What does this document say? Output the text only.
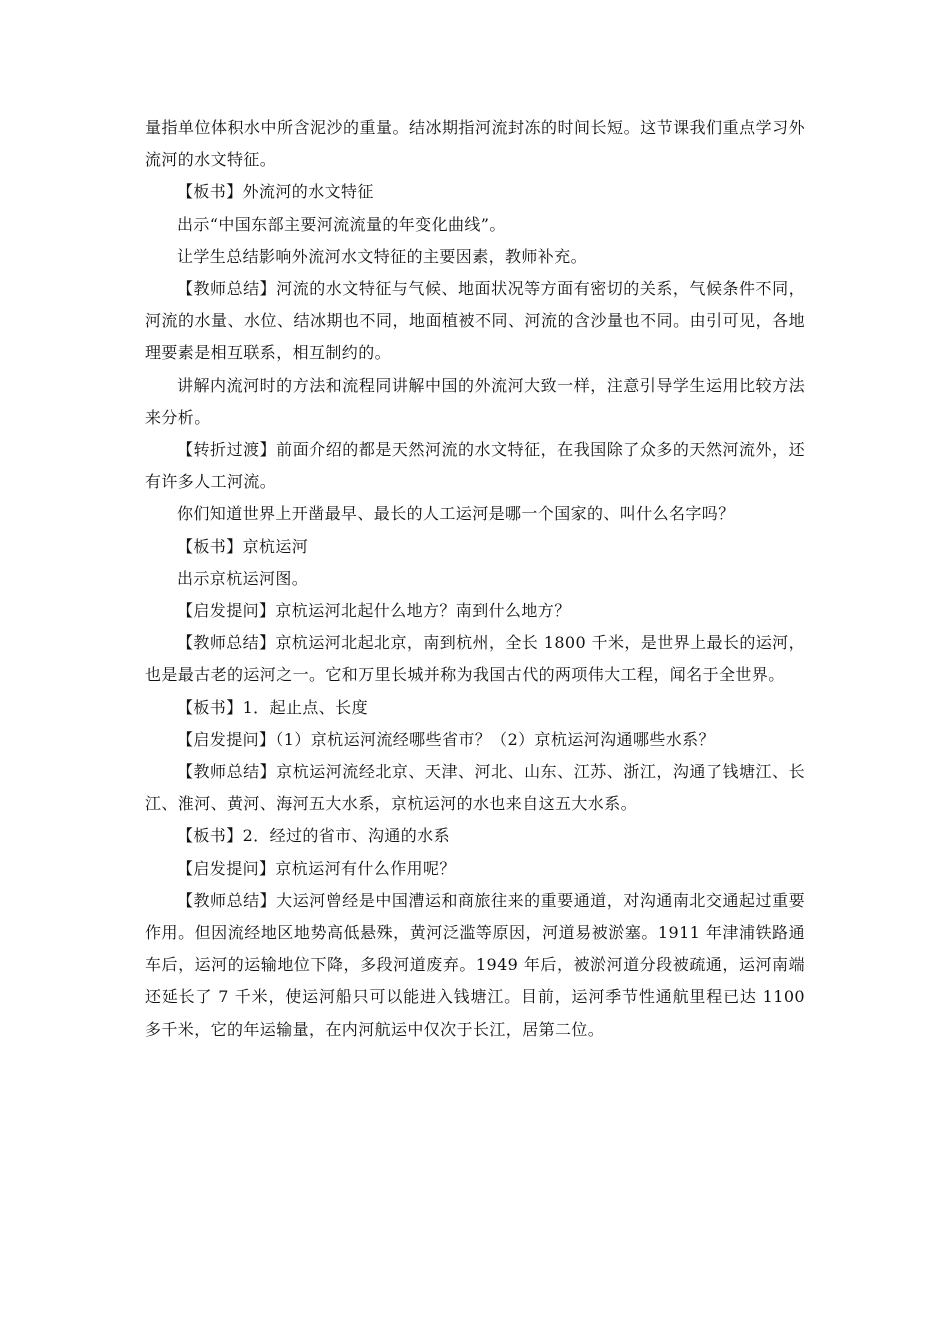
量指单位体积水中所含泥沙的重量。结冰期指河流封冻的时间长短。这节课我们重点学习外流河的水文特征。

【板书】外流河的水文特征

出示“中国东部主要河流流量的年变化曲线”。

让学生总结影响外流河水文特征的主要因素，教师补充。

【教师总结】河流的水文特征与气候、地面状况等方面有密切的关系，气候条件不同，河流的水量、水位、结冰期也不同，地面植被不同、河流的含沙量也不同。由引可见，各地理要素是相互联系，相互制约的。

讲解内流河时的方法和流程同讲解中国的外流河大致一样，注意引导学生运用比较方法来分析。

【转折过渡】前面介绍的都是天然河流的水文特征，在我国除了众多的天然河流外，还有许多人工河流。

你们知道世界上开凿最早、最长的人工运河是哪一个国家的、叫什么名字吗？

【板书】京杭运河

出示京杭运河图。

【启发提问】京杭运河北起什么地方？南到什么地方？

【教师总结】京杭运河北起北京，南到杭州，全长 1800 千米，是世界上最长的运河，也是最古老的运河之一。它和万里长城并称为我国古代的两项伟大工程，闻名于全世界。

【板书】1．起止点、长度

【启发提问】（1）京杭运河流经哪些省市？（2）京杭运河沟通哪些水系？

【教师总结】京杭运河流经北京、天津、河北、山东、江苏、浙江，沟通了钱塘江、长江、淮河、黄河、海河五大水系，京杭运河的水也来自这五大水系。

【板书】2．经过的省市、沟通的水系

【启发提问】京杭运河有什么作用呢？

【教师总结】大运河曾经是中国漕运和商旅往来的重要通道，对沟通南北交通起过重要作用。但因流经地区地势高低悬殊，黄河泛滥等原因，河道易被淤塞。1911 年津浦铁路通车后，运河的运输地位下降，多段河道废弃。1949 年后，被淤河道分段被疏通，运河南端还延长了 7 千米，使运河船只可以能进入钱塘江。目前，运河季节性通航里程已达 1100 多千米，它的年运输量，在内河航运中仅次于长江，居第二位。
